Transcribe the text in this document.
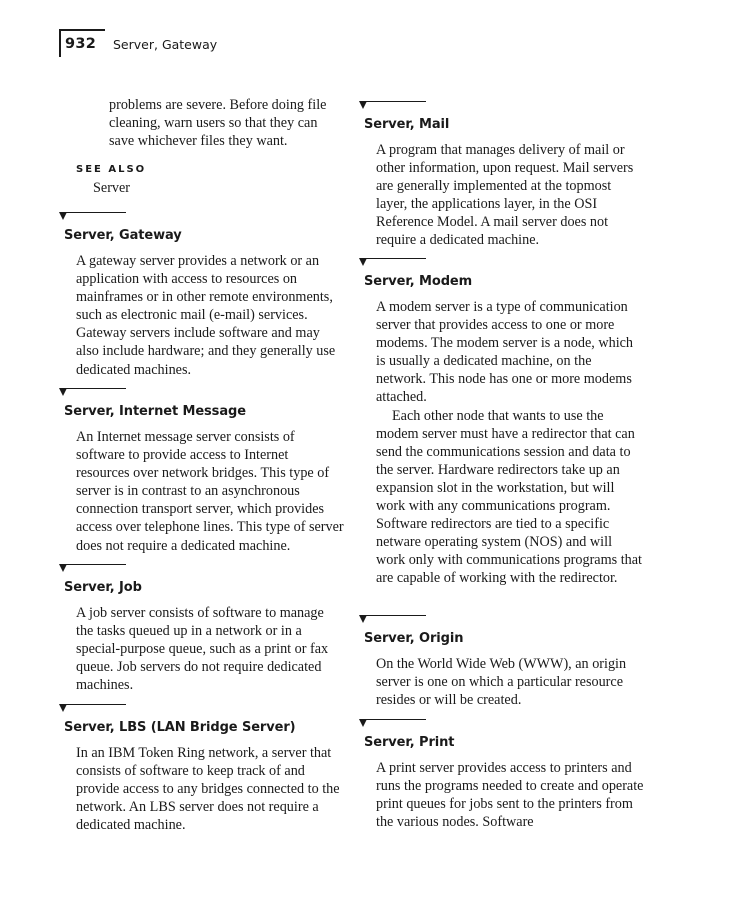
932 Server, Gateway

problems are severe. Before doing file

cleaning, warn users so that they can

save whichever files they want.

SEE ALSO
Server
Server, Gateway

A gateway server provides a network or an application with access to resources on mainframes or in other remote environments, such as electronic mail (e-mail) services. Gateway servers include software and may also include hardware; and they generally use dedicated machines.

Server, Internet Message

An Internet message server consists of software to provide access to Internet resources over network bridges. This type of server is in contrast to an asynchronous connection transport server, which provides access over telephone lines. This type of server does not require a dedicated machine.

Server, Job

A job server consists of software to manage the tasks queued up in a network or in a special-purpose queue, such as a print or fax queue. Job servers do not require dedicated machines.

Server, LBS (LAN Bridge Server)

In an IBM Token Ring network, a server that consists of software to keep track of and provide access to any bridges connected to the network. An LBS server does not require a dedicated machine.

Server, Mail

A program that manages delivery of mail or other information, upon request. Mail servers are generally implemented at the topmost layer, the applications layer, in the OSI Reference Model. A mail server does not require a dedicated machine.

Server, Modem

A modem server is a type of communication server that provides access to one or more modems. The modem server is a node, which is usually a dedicated machine, on the network. This node has one or more modems attached.

Each other node that wants to use the modem server must have a redirector that can send the communications session and data to the server. Hardware redirectors take up an expansion slot in the workstation, but will work with any communications program. Software redirectors are tied to a specific netware operating system (NOS) and will work only with communications programs that are capable of working with the redirector.

Server, Origin

On the World Wide Web (WWW), an origin server is one on which a particular resource resides or will be created.

Server, Print

A print server provides access to printers and runs the programs needed to create and operate print queues for jobs sent to the printers from the various nodes. Software
